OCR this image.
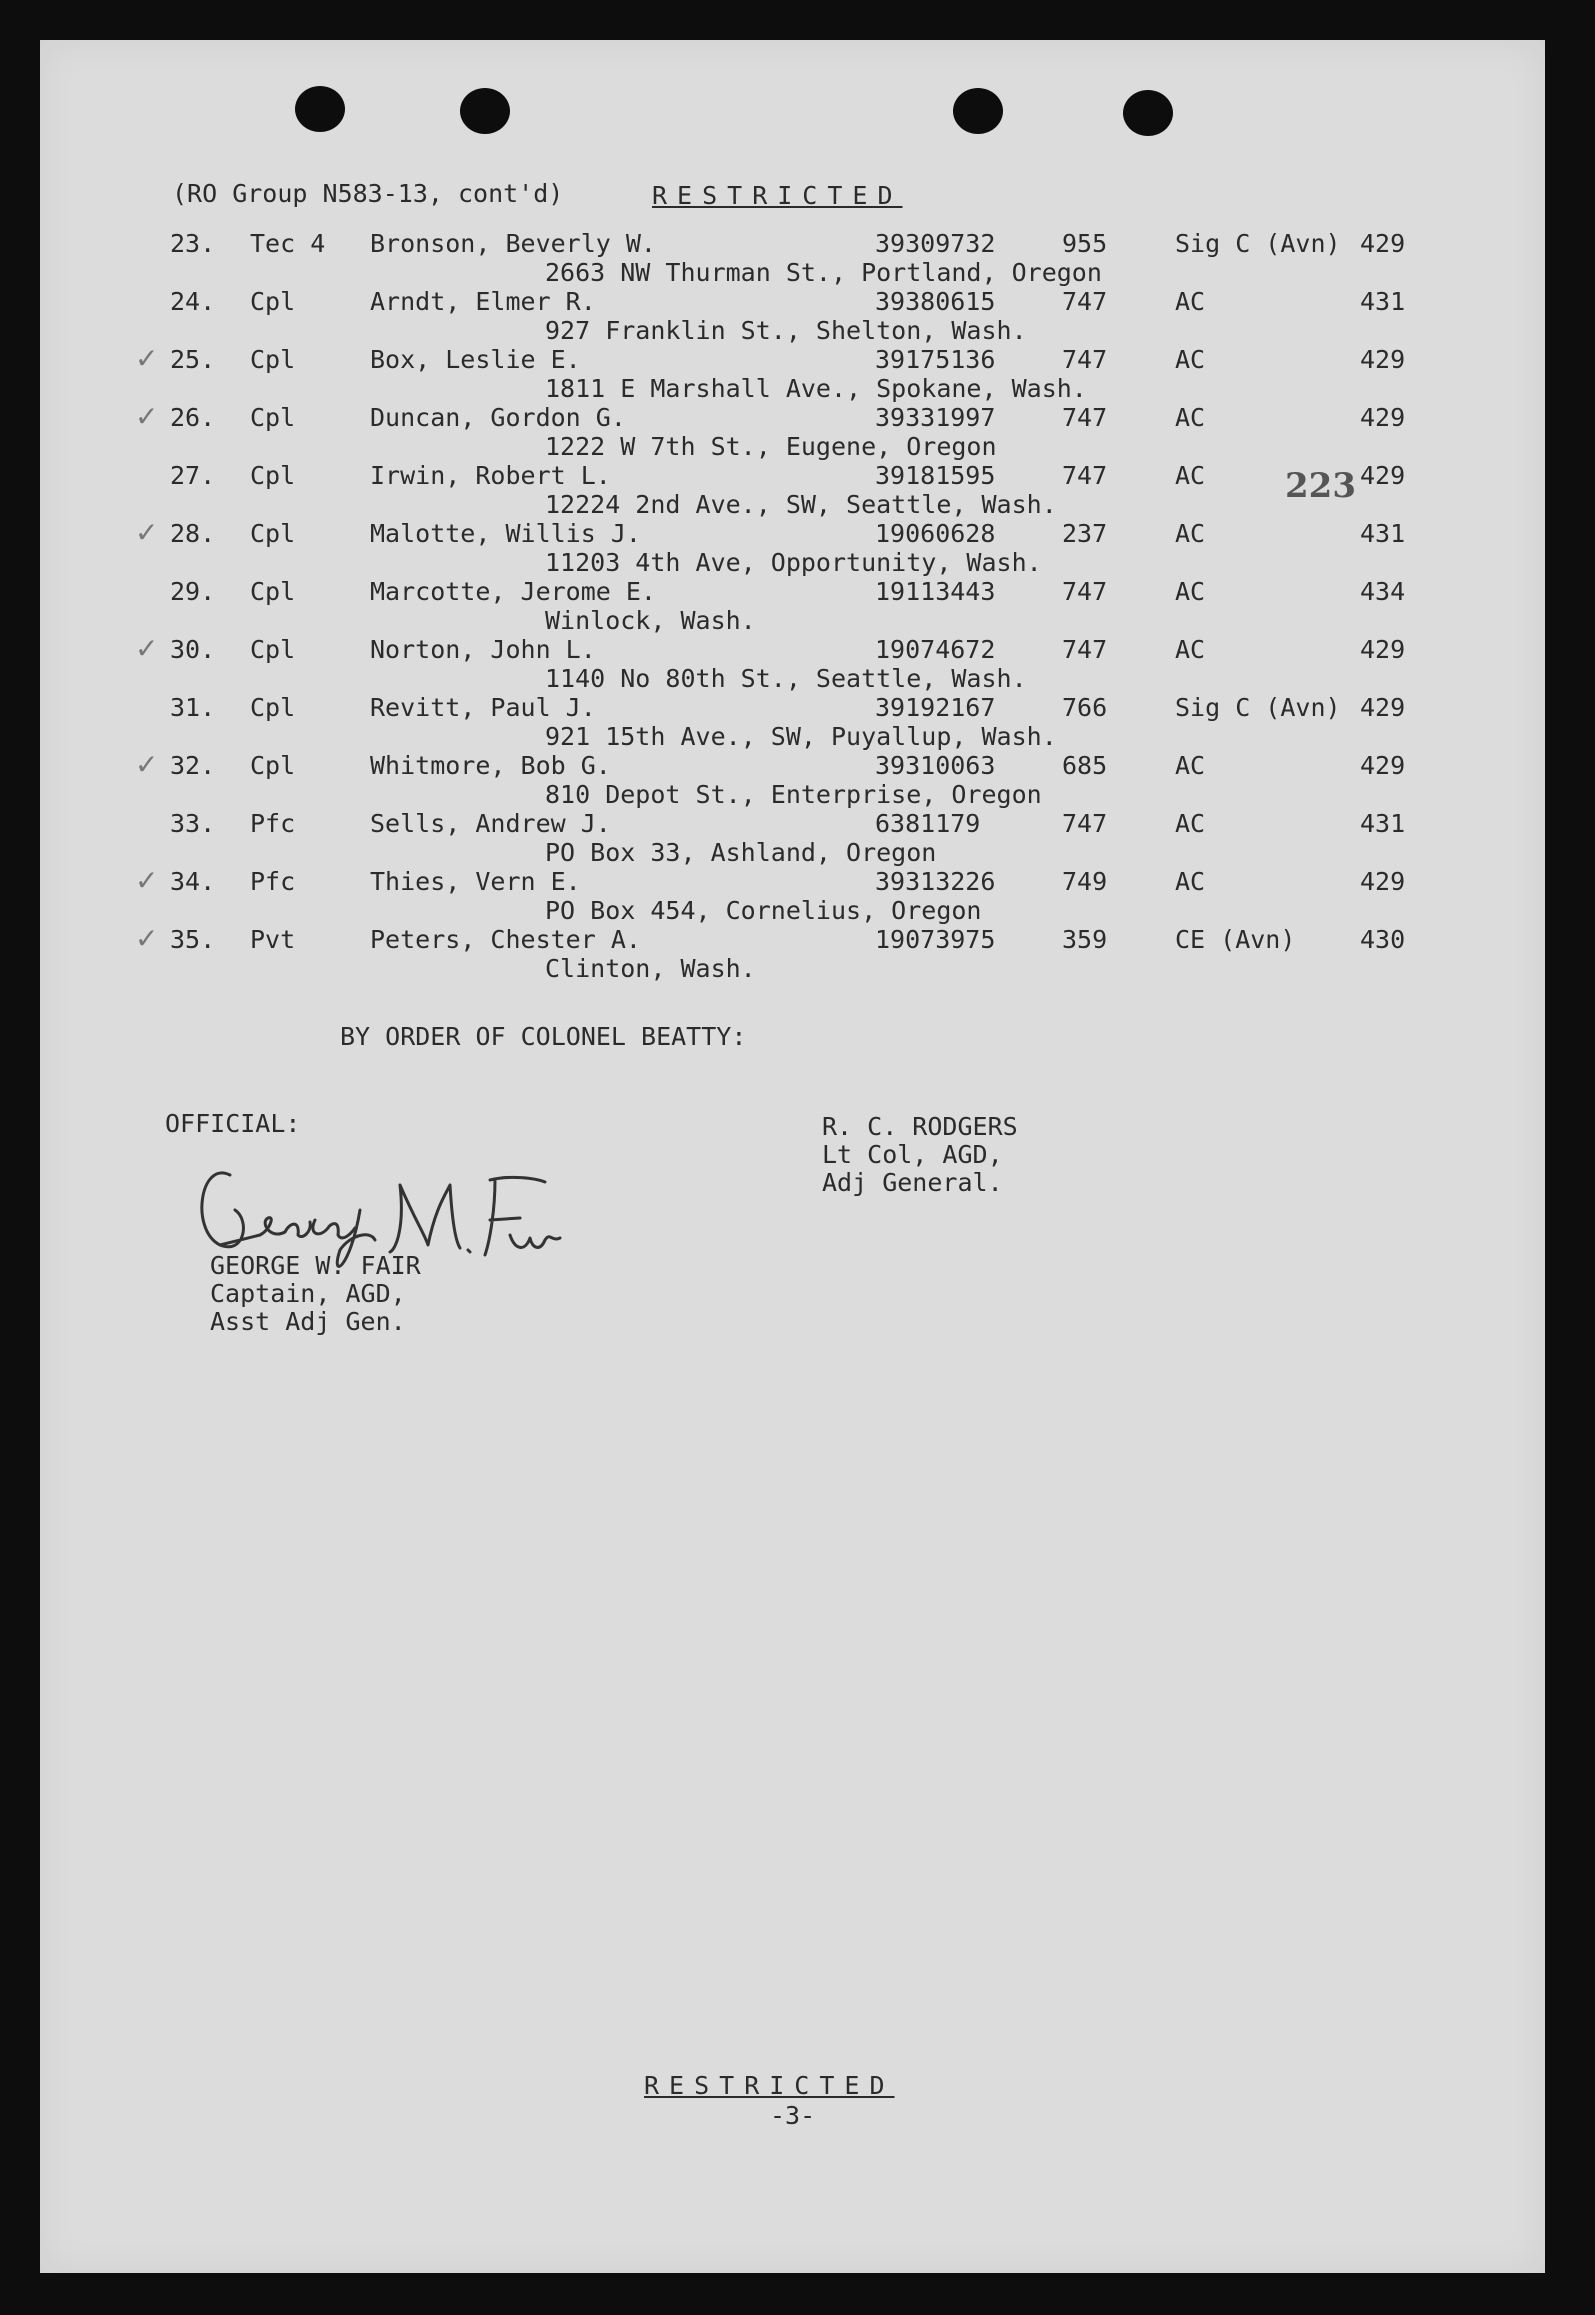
(RO Group N583-13, cont'd)	RESTRICTED
23. Tec 4 Bronson, Beverly W.	39309732	955	Sig C (Avn) 429
2663 NW Thurman St., Portland, Oregon
24. Cpl	Arndt, Elmer R.	39380615	747	AC	431
927 Franklin St., Shelton, Wash.
25. Cpl	Box, Leslie E.	39175136	747	AC	429
1811 E Marshall Ave., Spokane, Wash.
✓
26. Cpl	Duncan, Gordon G.	39331997	747	AC	429
1222 W 7th St., Eugene, Oregon
✓
27. Cpl	Irwin, Robert L.	39181595	747	AC	429
12224 2nd Ave., SW, Seattle, Wash.
28. Cpl	Malotte, Willis J.	19060628	237	AC	431
11203 4th Ave, Opportunity, Wash.
✓
29. Cpl	Marcotte, Jerome E.	19113443	747	AC	434
Winlock, Wash.
30. Cpl	Norton, John L.	19074672	747	AC	429
1140 No 80th St., Seattle, Wash.
✓
31. Cpl	Revitt, Paul J.	39192167	766	Sig C (Avn) 429
921 15th Ave., SW, Puyallup, Wash.
32. Cpl	Whitmore, Bob G.	39310063	685	AC	429
810 Depot St., Enterprise, Oregon
✓
33. Pfc	Sells, Andrew J.	6381179	747	AC	431
PO Box 33, Ashland, Oregon
34. Pfc	Thies, Vern E.	39313226	749	AC	429
PO Box 454, Cornelius, Oregon
✓
35. Pvt	Peters, Chester A.	19073975	359	CE (Avn)	430
Clinton, Wash.
✓
223
BY ORDER OF COLONEL BEATTY:
OFFICIAL:
GEORGE W. FAIR
Captain, AGD,
Asst Adj Gen.
R. C. RODGERS
Lt Col, AGD,
Adj General.
RESTRICTED
-3-
